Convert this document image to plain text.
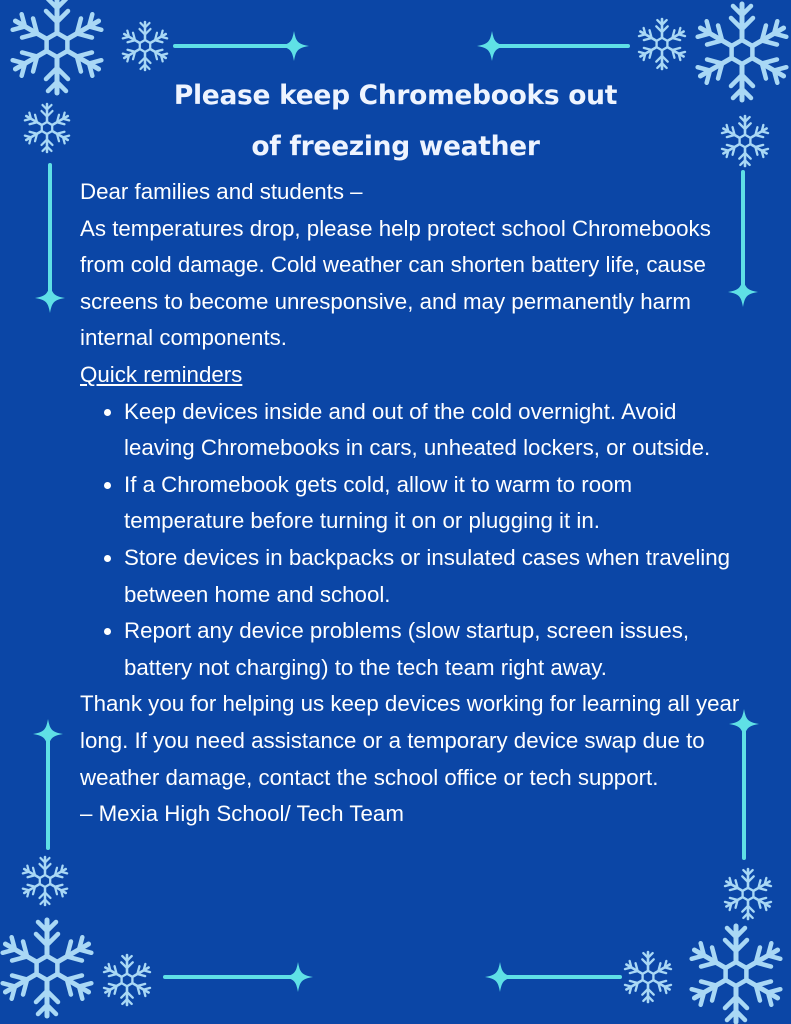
Please keep Chromebooks out
of freezing weather

Dear families and students –

As temperatures drop, please help protect school Chromebooks from cold damage. Cold weather can shorten battery life, cause screens to become unresponsive, and may permanently harm internal components.

Quick reminders

Keep devices inside and out of the cold overnight. Avoid leaving Chromebooks in cars, unheated lockers, or outside.
If a Chromebook gets cold, allow it to warm to room temperature before turning it on or plugging it in.
Store devices in backpacks or insulated cases when traveling between home and school.
Report any device problems (slow startup, screen issues, battery not charging) to the tech team right away.

Thank you for helping us keep devices working for learning all year long. If you need assistance or a temporary device swap due to weather damage, contact the school office or tech support.

– Mexia High School/ Tech Team
